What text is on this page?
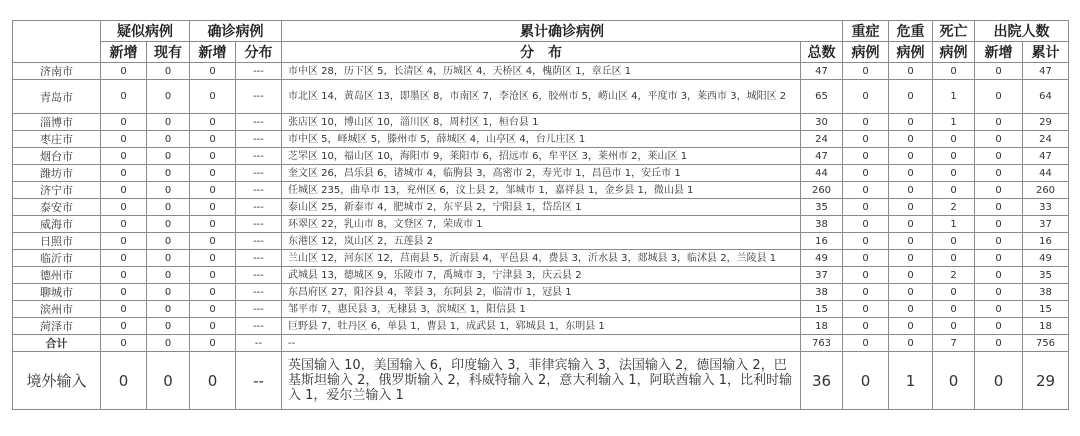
	疑似病例		确诊病例		累计确诊病例		重症	危重	死亡	出院人数	
	新增	现有	新增	分布	分　布	总数	病例	病例	病例	新增	累计
济南市	0	0	0	---	市中区 28，历下区 5，长清区 4，历城区 4，天桥区 4，槐荫区 1，章丘区 1	47	0	0	0	0	47
青岛市	0	0	0	---	市北区 14，黄岛区 13，即墨区 8，市南区 7，李沧区 6，胶州市 5，崂山区 4，平度市 3，莱西市 3，城阳区 2	65	0	0	1	0	64
淄博市	0	0	0	---	张店区 10，博山区 10，淄川区 8，周村区 1，桓台县 1	30	0	0	1	0	29
枣庄市	0	0	0	---	市中区 5，峄城区 5，滕州市 5，薛城区 4，山亭区 4，台儿庄区 1	24	0	0	0	0	24
烟台市	0	0	0	---	芝罘区 10，福山区 10，海阳市 9，莱阳市 6，招远市 6，牟平区 3，莱州市 2，莱山区 1	47	0	0	0	0	47
潍坊市	0	0	0	---	奎文区 26，昌乐县 6，诸城市 4，临朐县 3，高密市 2，寿光市 1，昌邑市 1，安丘市 1	44	0	0	0	0	44
济宁市	0	0	0	---	任城区 235，曲阜市 13，兖州区 6，汶上县 2，邹城市 1，嘉祥县 1，金乡县 1，微山县 1	260	0	0	0	0	260
泰安市	0	0	0	---	泰山区 25，新泰市 4，肥城市 2，东平县 2，宁阳县 1，岱岳区 1	35	0	0	2	0	33
威海市	0	0	0	---	环翠区 22，乳山市 8，文登区 7，荣成市 1	38	0	0	1	0	37
日照市	0	0	0	---	东港区 12，岚山区 2，五莲县 2	16	0	0	0	0	16
临沂市	0	0	0	---	兰山区 12，河东区 12，莒南县 5，沂南县 4，平邑县 4，费县 3，沂水县 3，郯城县 3，临沭县 2，兰陵县 1	49	0	0	0	0	49
德州市	0	0	0	---	武城县 13，德城区 9，乐陵市 7，禹城市 3，宁津县 3，庆云县 2	37	0	0	2	0	35
聊城市	0	0	0	---	东昌府区 27，阳谷县 4，莘县 3，东阿县 2，临清市 1，冠县 1	38	0	0	0	0	38
滨州市	0	0	0	---	邹平市 7，惠民县 3，无棣县 3，滨城区 1，阳信县 1	15	0	0	0	0	15
菏泽市	0	0	0	---	巨野县 7，牡丹区 6，单县 1，曹县 1，成武县 1，郓城县 1，东明县 1	18	0	0	0	0	18
合计	0	0	0	--	--	763	0	0	7	0	756
境外输入	0	0	0	--	英国输入 10，美国输入 6，印度输入 3，菲律宾输入 3，法国输入 2，德国输入 2，巴基斯坦输入 2，俄罗斯输入 2，科威特输入 2，意大利输入 1，阿联酋输入 1，比利时输入 1，爱尔兰输入 1	36	0	1	0	0	29
